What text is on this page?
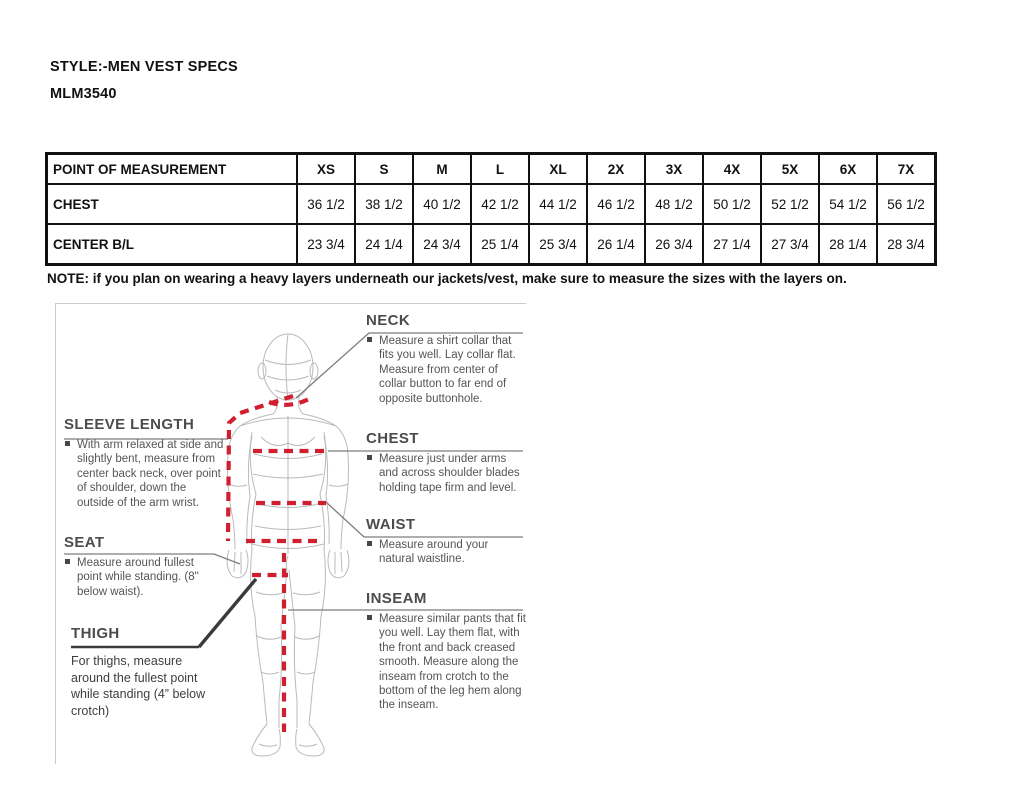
STYLE:-MEN VEST SPECS
MLM3540
POINT OF MEASUREMENT	XS	S	M	L	XL	2X	3X	4X	5X	6X	7X
CHEST	36 1/2	38 1/2	40 1/2	42 1/2	44 1/2	46 1/2	48 1/2	50 1/2	52 1/2	54 1/2	56 1/2
CENTER B/L	23 3/4	24 1/4	24 3/4	25 1/4	25 3/4	26 1/4	26 3/4	27 1/4	27 3/4	28 1/4	28 3/4
NOTE: if you plan on wearing a heavy layers underneath our jackets/vest, make sure to measure the sizes with the layers on.
NECK
Measure a shirt collar that fits you well. Lay collar flat. Measure from center of collar button to far end of opposite buttonhole.
CHEST
Measure just under arms and across shoulder blades holding tape firm and level.
WAIST
Measure around your natural waistline.
INSEAM
Measure similar pants that fit you well. Lay them flat, with the front and back creased smooth. Measure along the inseam from crotch to the bottom of the leg hem along the inseam.
SLEEVE LENGTH
With arm relaxed at side and slightly bent, measure from center back neck, over point of shoulder, down the outside of the arm wrist.
SEAT
Measure around fullest point while standing. (8" below waist).
THIGH
For thighs, measure around the fullest point while standing (4” below crotch)
